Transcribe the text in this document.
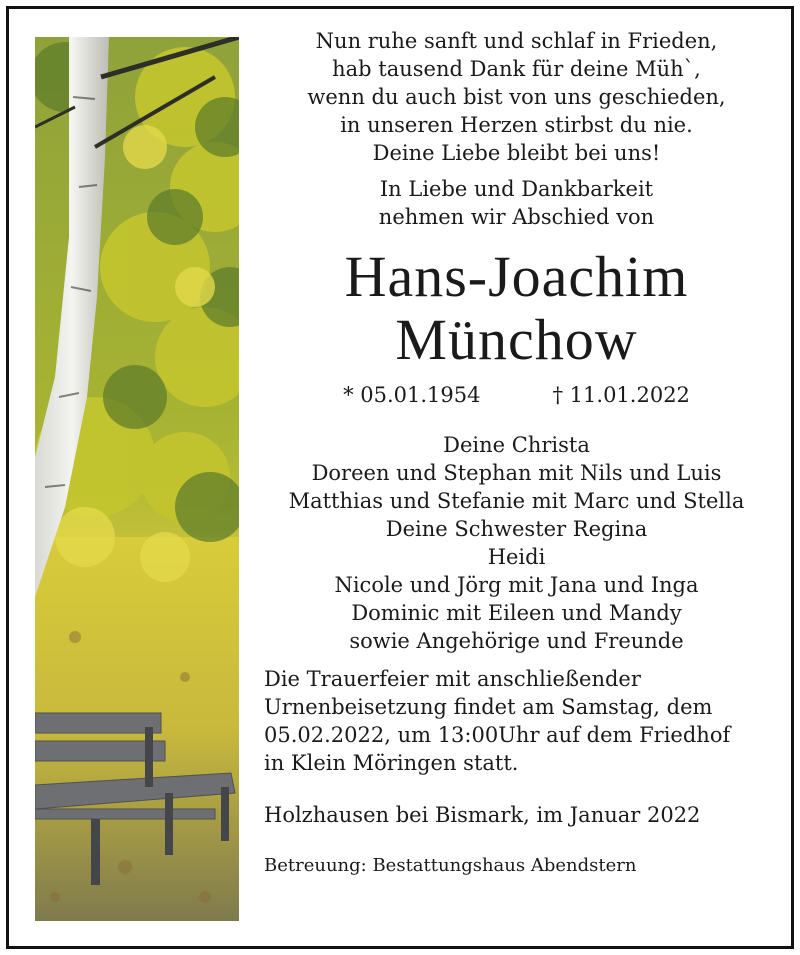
Nun ruhe sanft und schlaf in Frieden,

hab tausend Dank für deine Müh`,

wenn du auch bist von uns geschieden,

in unseren Herzen stirbst du nie.

Deine Liebe bleibt bei uns!

In Liebe und Dankbarkeit

nehmen wir Abschied von

Hans-Joachim
Münchow
* 05.01.1954	† 11.01.2022

Deine Christa

Doreen und Stephan mit Nils und Luis

Matthias und Stefanie mit Marc und Stella

Deine Schwester Regina

Heidi

Nicole und Jörg mit Jana und Inga

Dominic mit Eileen und Mandy

sowie Angehörige und Freunde

Die Trauerfeier mit anschließender

Urnenbeisetzung findet am Samstag, dem

05.02.2022, um 13:00Uhr auf dem Friedhof

in Klein Möringen statt.

Holzhausen bei Bismark, im Januar 2022
Betreuung: Bestattungshaus Abendstern
